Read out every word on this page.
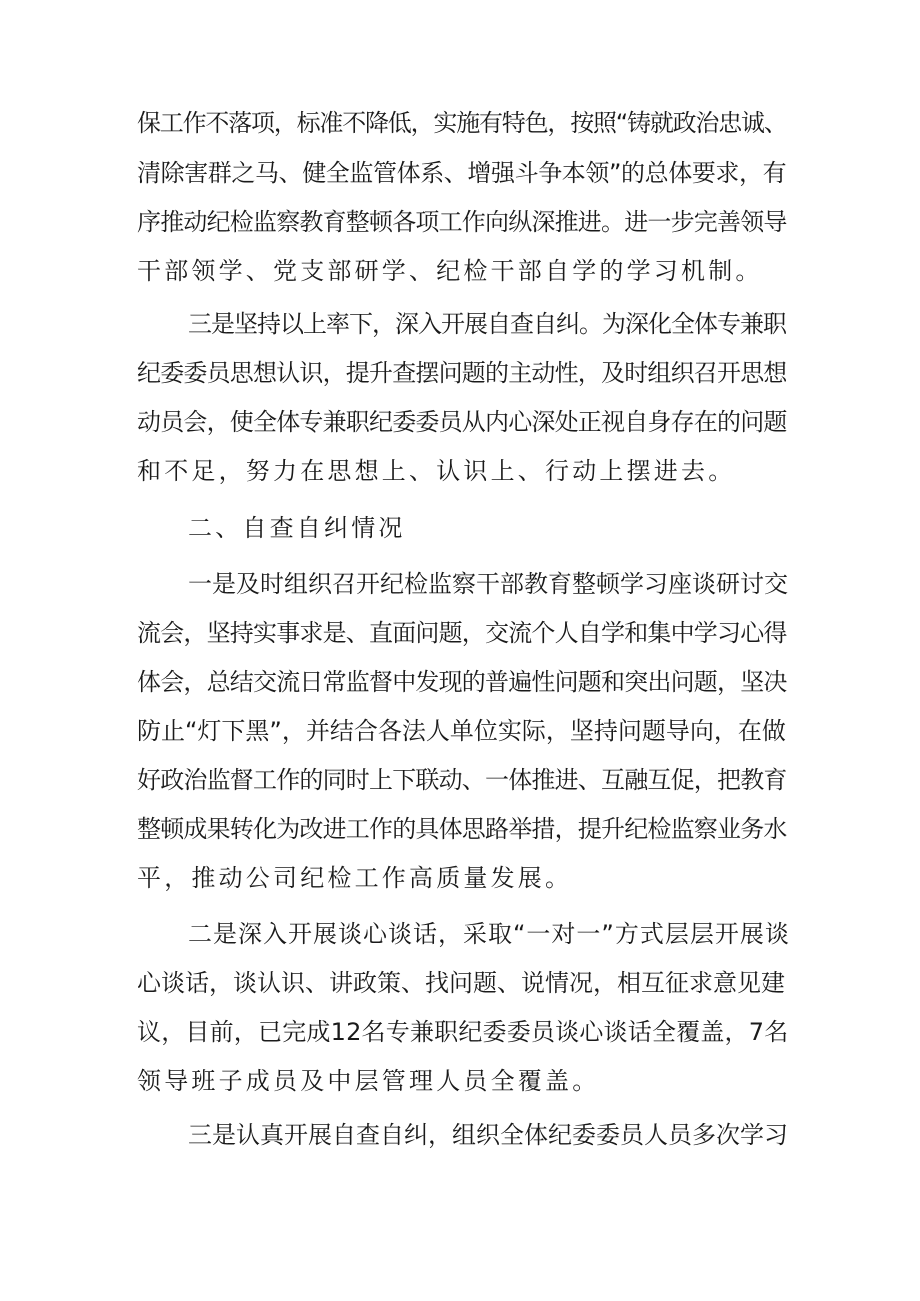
保工作不落项，标准不降低，实施有特色，按照“铸就政治忠诚、
清除害群之马、健全监管体系、增强斗争本领”的总体要求，有
序推动纪检监察教育整顿各项工作向纵深推进。进一步完善领导
干部领学、党支部研学、纪检干部自学的学习机制。
三是坚持以上率下，深入开展自查自纠。为深化全体专兼职
纪委委员思想认识，提升查摆问题的主动性，及时组织召开思想
动员会，使全体专兼职纪委委员从内心深处正视自身存在的问题
和不足，努力在思想上、认识上、行动上摆进去。
二、自查自纠情况
一是及时组织召开纪检监察干部教育整顿学习座谈研讨交
流会，坚持实事求是、直面问题，交流个人自学和集中学习心得
体会，总结交流日常监督中发现的普遍性问题和突出问题，坚决
防止“灯下黑”，并结合各法人单位实际，坚持问题导向，在做
好政治监督工作的同时上下联动、一体推进、互融互促，把教育
整顿成果转化为改进工作的具体思路举措，提升纪检监察业务水
平，推动公司纪检工作高质量发展。
二是深入开展谈心谈话，采取“一对一”方式层层开展谈
心谈话，谈认识、讲政策、找问题、说情况，相互征求意见建
议，目前，已完成12名专兼职纪委委员谈心谈话全覆盖，7名
领导班子成员及中层管理人员全覆盖。
三是认真开展自查自纠，组织全体纪委委员人员多次学习
